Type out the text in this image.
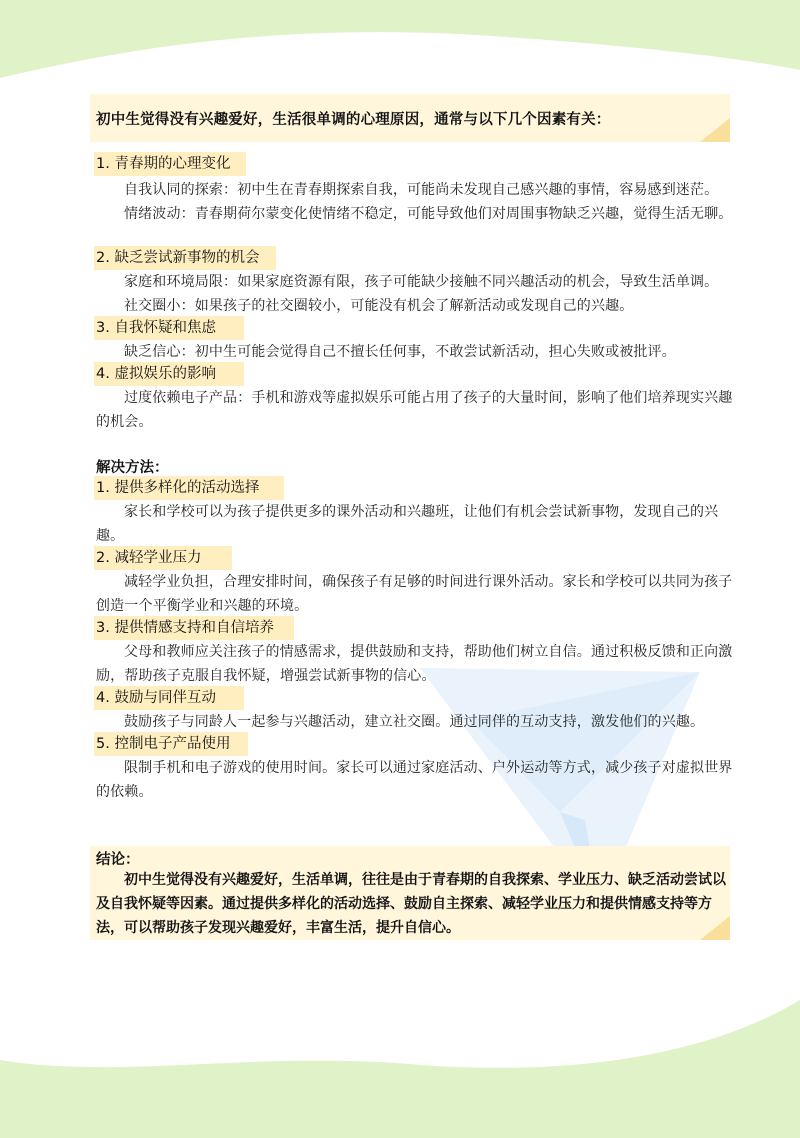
初中生觉得没有兴趣爱好，生活很单调的心理原因，通常与以下几个因素有关：
1. 青春期的心理变化

自我认同的探索：初中生在青春期探索自我，可能尚未发现自己感兴趣的事情，容易感到迷茫。

情绪波动：青春期荷尔蒙变化使情绪不稳定，可能导致他们对周围事物缺乏兴趣，觉得生活无聊。

2. 缺乏尝试新事物的机会

家庭和环境局限：如果家庭资源有限，孩子可能缺少接触不同兴趣活动的机会，导致生活单调。

社交圈小：如果孩子的社交圈较小，可能没有机会了解新活动或发现自己的兴趣。

3. 自我怀疑和焦虑

缺乏信心：初中生可能会觉得自己不擅长任何事，不敢尝试新活动，担心失败或被批评。

4. 虚拟娱乐的影响

过度依赖电子产品：手机和游戏等虚拟娱乐可能占用了孩子的大量时间，影响了他们培养现实兴趣的机会。

解决方法：
1. 提供多样化的活动选择

家长和学校可以为孩子提供更多的课外活动和兴趣班，让他们有机会尝试新事物，发现自己的兴趣。

2. 减轻学业压力

减轻学业负担，合理安排时间，确保孩子有足够的时间进行课外活动。家长和学校可以共同为孩子创造一个平衡学业和兴趣的环境。

3. 提供情感支持和自信培养

父母和教师应关注孩子的情感需求，提供鼓励和支持，帮助他们树立自信。通过积极反馈和正向激励，帮助孩子克服自我怀疑，增强尝试新事物的信心。

4. 鼓励与同伴互动

鼓励孩子与同龄人一起参与兴趣活动，建立社交圈。通过同伴的互动支持，激发他们的兴趣。

5. 控制电子产品使用

限制手机和电子游戏的使用时间。家长可以通过家庭活动、户外运动等方式，减少孩子对虚拟世界的依赖。

结论：

初中生觉得没有兴趣爱好，生活单调，往往是由于青春期的自我探索、学业压力、缺乏活动尝试以及自我怀疑等因素。通过提供多样化的活动选择、鼓励自主探索、减轻学业压力和提供情感支持等方法，可以帮助孩子发现兴趣爱好，丰富生活，提升自信心。
